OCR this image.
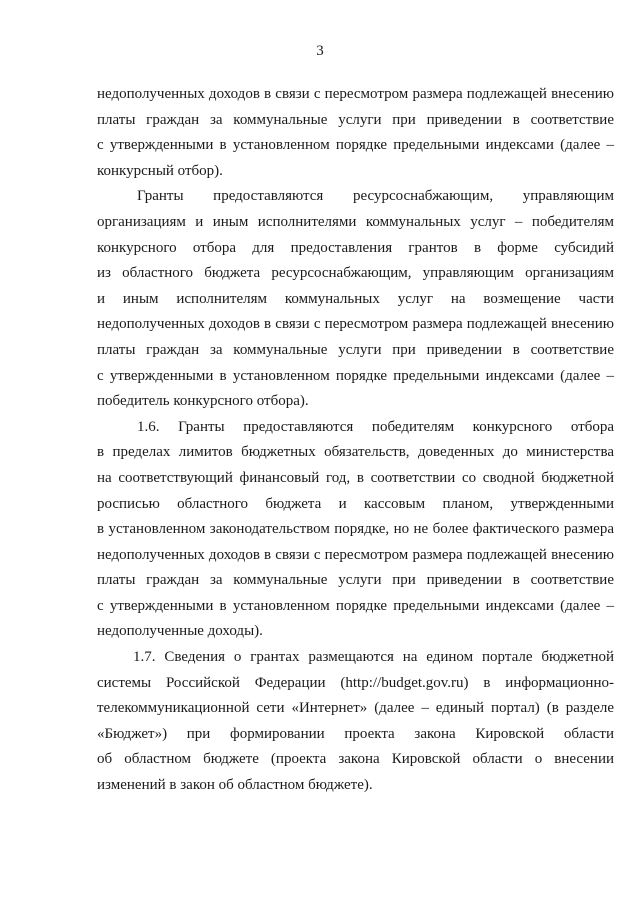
3
недополученных доходов в связи с пересмотром размера подлежащей внесению
платы граждан за коммунальные услуги при приведении в соответствие
с утвержденными в установленном порядке предельными индексами (далее –
конкурсный отбор).
Гранты предоставляются ресурсоснабжающим, управляющим
организациям и иным исполнителями коммунальных услуг – победителям
конкурсного отбора для предоставления грантов в форме субсидий
из областного бюджета ресурсоснабжающим, управляющим организациям
и иным исполнителям коммунальных услуг на возмещение части
недополученных доходов в связи с пересмотром размера подлежащей внесению
платы граждан за коммунальные услуги при приведении в соответствие
с утвержденными в установленном порядке предельными индексами (далее –
победитель конкурсного отбора).
1.6. Гранты предоставляются победителям конкурсного отбора
в пределах лимитов бюджетных обязательств, доведенных до министерства
на соответствующий финансовый год, в соответствии со сводной бюджетной
росписью областного бюджета и кассовым планом, утвержденными
в установленном законодательством порядке, но не более фактического размера
недополученных доходов в связи с пересмотром размера подлежащей внесению
платы граждан за коммунальные услуги при приведении в соответствие
с утвержденными в установленном порядке предельными индексами (далее –
недополученные доходы).
1.7. Сведения о грантах размещаются на едином портале бюджетной
системы Российской Федерации (http://budget.gov.ru) в информационно-
телекоммуникационной сети «Интернет» (далее – единый портал) (в разделе
«Бюджет») при формировании проекта закона Кировской области
об областном бюджете (проекта закона Кировской области о внесении
изменений в закон об областном бюджете).
